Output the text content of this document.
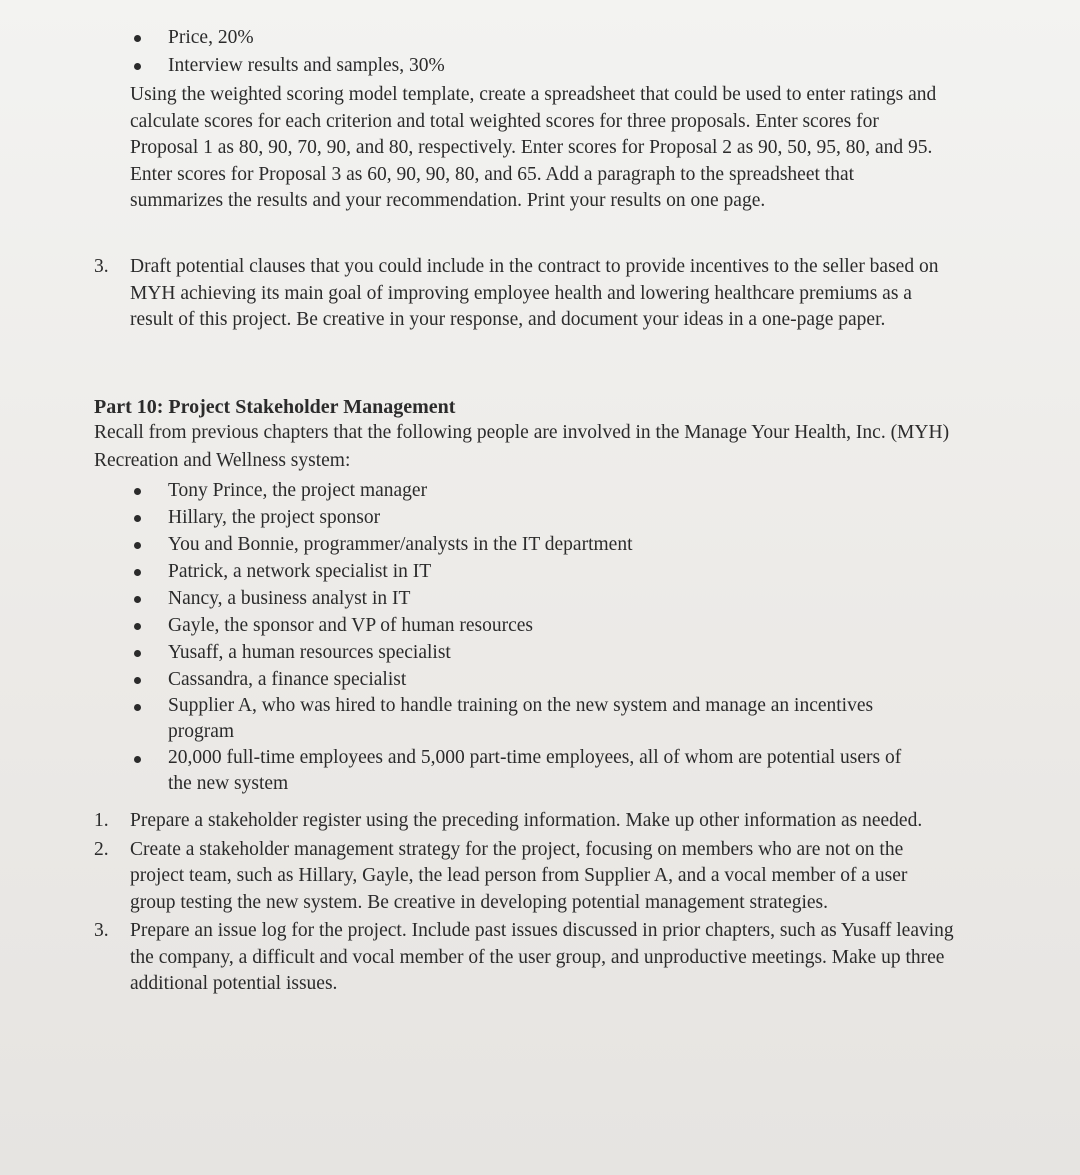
Price, 20%
Interview results and samples, 30%

Using the weighted scoring model template, create a spreadsheet that could be used to enter ratings and calculate scores for each criterion and total weighted scores for three proposals. Enter scores for Proposal 1 as 80, 90, 70, 90, and 80, respectively. Enter scores for Proposal 2 as 90, 50, 95, 80, and 95. Enter scores for Proposal 3 as 60, 90, 90, 80, and 65. Add a paragraph to the spreadsheet that summarizes the results and your recommendation. Print your results on one page.

3. Draft potential clauses that you could include in the contract to provide incentives to the seller based on MYH achieving its main goal of improving employee health and lowering healthcare premiums as a result of this project. Be creative in your response, and document your ideas in a one-page paper.
Part 10: Project Stakeholder Management

Recall from previous chapters that the following people are involved in the Manage Your Health, Inc. (MYH) Recreation and Wellness system:

Tony Prince, the project manager
Hillary, the project sponsor
You and Bonnie, programmer/analysts in the IT department
Patrick, a network specialist in IT
Nancy, a business analyst in IT
Gayle, the sponsor and VP of human resources
Yusaff, a human resources specialist
Cassandra, a finance specialist
Supplier A, who was hired to handle training on the new system and manage an incentives program
20,000 full-time employees and 5,000 part-time employees, all of whom are potential users of the new system
1. Prepare a stakeholder register using the preceding information. Make up other information as needed.
2. Create a stakeholder management strategy for the project, focusing on members who are not on the project team, such as Hillary, Gayle, the lead person from Supplier A, and a vocal member of a user group testing the new system. Be creative in developing potential management strategies.
3. Prepare an issue log for the project. Include past issues discussed in prior chapters, such as Yusaff leaving the company, a difficult and vocal member of the user group, and unproductive meetings. Make up three additional potential issues.
